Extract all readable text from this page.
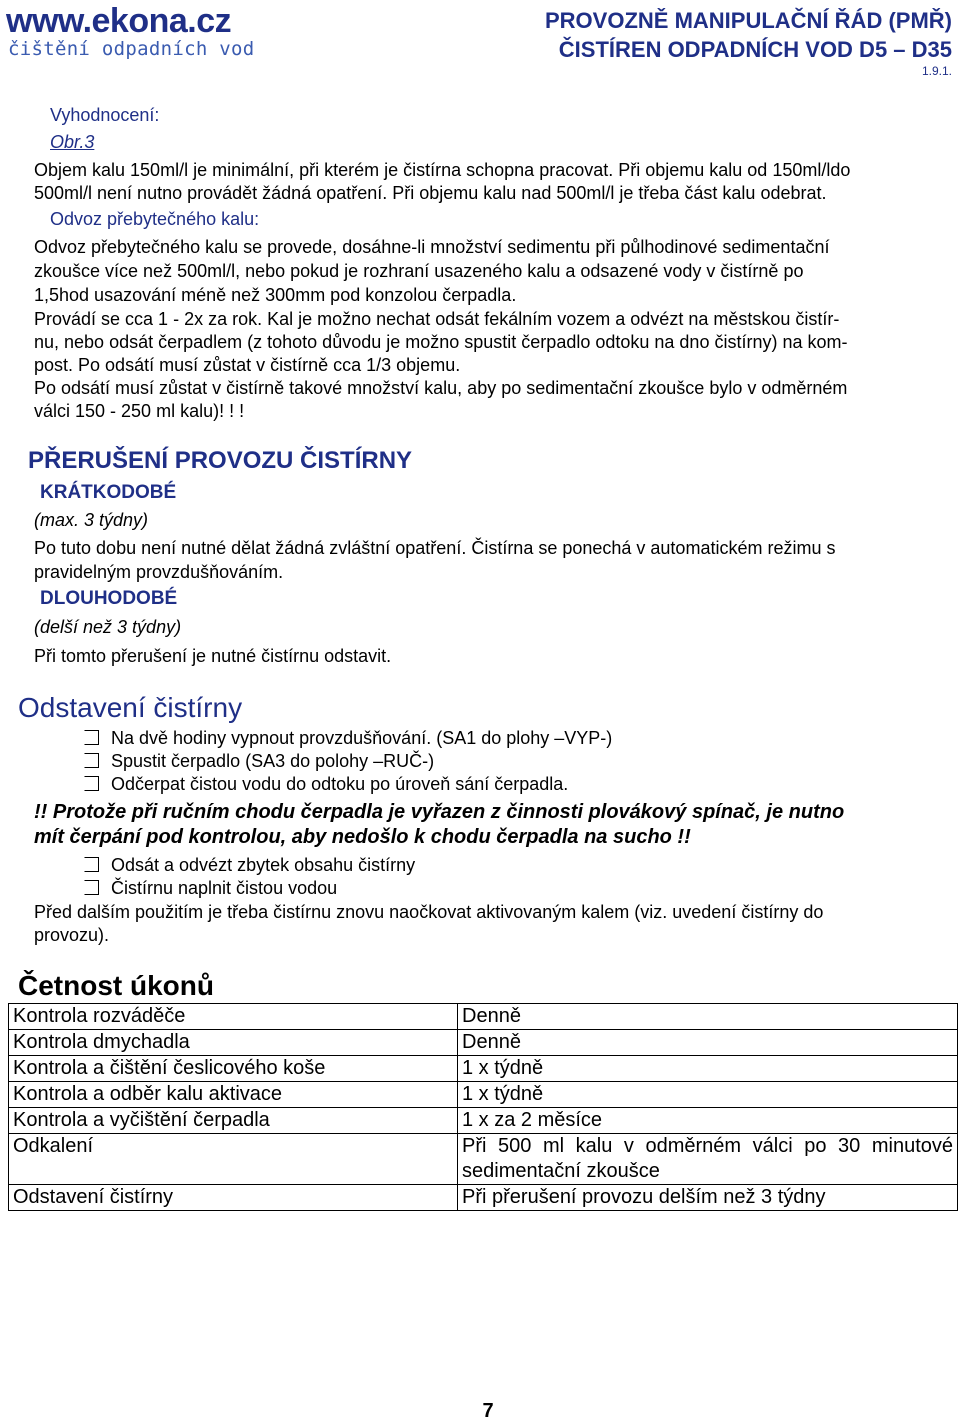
www.ekona.cz
čištění odpadních vod
PROVOZNĚ MANIPULAČNÍ ŘÁD (PMŘ)
ČISTÍREN ODPADNÍCH VOD D5 – D35
1.9.1.
Vyhodnocení:
Obr.3
Objem kalu 150ml/l je minimální, při kterém je čistírna schopna pracovat. Při objemu kalu od 150ml/ldo
500ml/l není nutno provádět žádná opatření. Při objemu kalu nad 500ml/l je třeba část kalu odebrat.
Odvoz přebytečného kalu:
Odvoz přebytečného kalu se provede, dosáhne-li množství sedimentu při půlhodinové sedimentační
zkoušce více než 500ml/l, nebo pokud je rozhraní usazeného kalu a odsazené vody v čistírně po
1,5hod usazování méně než 300mm pod konzolou čerpadla.
Provádí se cca 1 - 2x za rok. Kal je možno nechat odsát fekálním vozem a odvézt na městskou čistír-
nu, nebo odsát čerpadlem (z tohoto důvodu je možno spustit čerpadlo odtoku na dno čistírny) na kom-
post. Po odsátí musí zůstat v čistírně cca 1/3 objemu.
Po odsátí musí zůstat v čistírně takové množství kalu, aby po sedimentační zkoušce bylo v odměrném
válci 150 - 250 ml kalu)! ! !
PŘERUŠENÍ PROVOZU ČISTÍRNY
KRÁTKODOBÉ
(max. 3 týdny)
Po tuto dobu není nutné dělat žádná zvláštní opatření. Čistírna se ponechá v automatickém režimu s
pravidelným provzdušňováním.
DLOUHODOBÉ
(delší než 3 týdny)
Při tomto přerušení je nutné čistírnu odstavit.
Odstavení čistírny
Na dvě hodiny vypnout provzdušňování. (SA1 do plohy –VYP-)
Spustit čerpadlo (SA3 do polohy –RUČ-)
Odčerpat čistou vodu do odtoku po úroveň sání čerpadla.
!! Protože při ručním chodu čerpadla je vyřazen z činnosti plovákový spínač, je nutno
mít čerpání pod kontrolou, aby nedošlo k chodu čerpadla na sucho !!
Odsát a odvézt zbytek obsahu čistírny
Čistírnu naplnit čistou vodou
Před dalším použitím je třeba čistírnu znovu naočkovat aktivovaným kalem (viz. uvedení čistírny do
provozu).
Četnost úkonů
Kontrola rozváděče	Denně
Kontrola dmychadla	Denně
Kontrola a čištění česlicového koše	1 x týdně
Kontrola a odběr kalu aktivace	1 x týdně
Kontrola a vyčištění čerpadla	1 x za 2 měsíce
Odkalení	Při 500 ml kalu v odměrném válci po 30 minutové sedimentační zkoušce
Odstavení čistírny	Při přerušení provozu delším než 3 týdny
7
